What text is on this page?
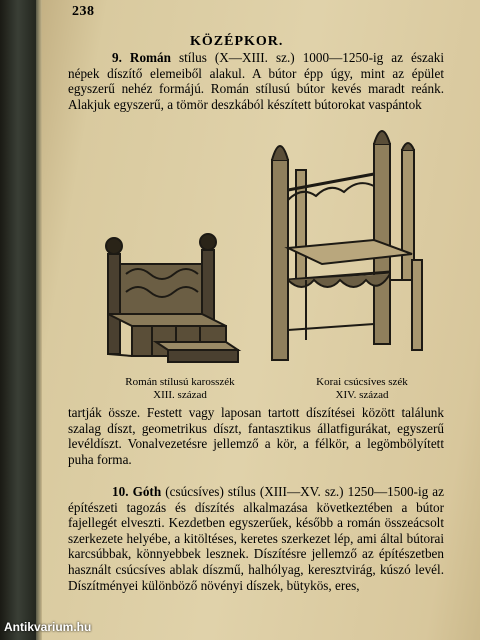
238
KÖZÉPKOR.

9. Román stílus (X—XIII. sz.) 1000—1250-ig az északi népek díszítő elemeiből alakul. A bútor épp úgy, mint az épület egyszerű nehéz formájú. Román stílusú bútor kevés maradt reánk. Alakjuk egyszerű, a tömör deszkából készített bútorokat vaspántok

Román stílusú karosszék
XIII. század
Korai csúcsíves szék
XIV. század

tartják össze. Festett vagy laposan tartott díszítései között találunk szalag díszt, geometrikus díszt, fantasztikus állatfigurákat, egyszerű levéldíszt. Vonalvezetésre jellemző a kör, a félkör, a legömbölyített puha forma.

10. Góth (csúcsíves) stílus (XIII—XV. sz.) 1250—1500-ig az építészeti tagozás és díszítés alkalmazása következtében a bútor fajellegét elveszti. Kezdetben egyszerűek, később a román összeácsolt szerkezete helyébe, a kitöltéses, keretes szerkezet lép, ami által bútorai karcsúbbak, könnyebbek lesznek. Díszítésre jellemző az építészetben használt csúcsíves ablak díszmű, halhólyag, keresztvirág, kúszó levél. Díszítményei különböző növényi díszek, bütykös, eres,

Antikvarium.hu
